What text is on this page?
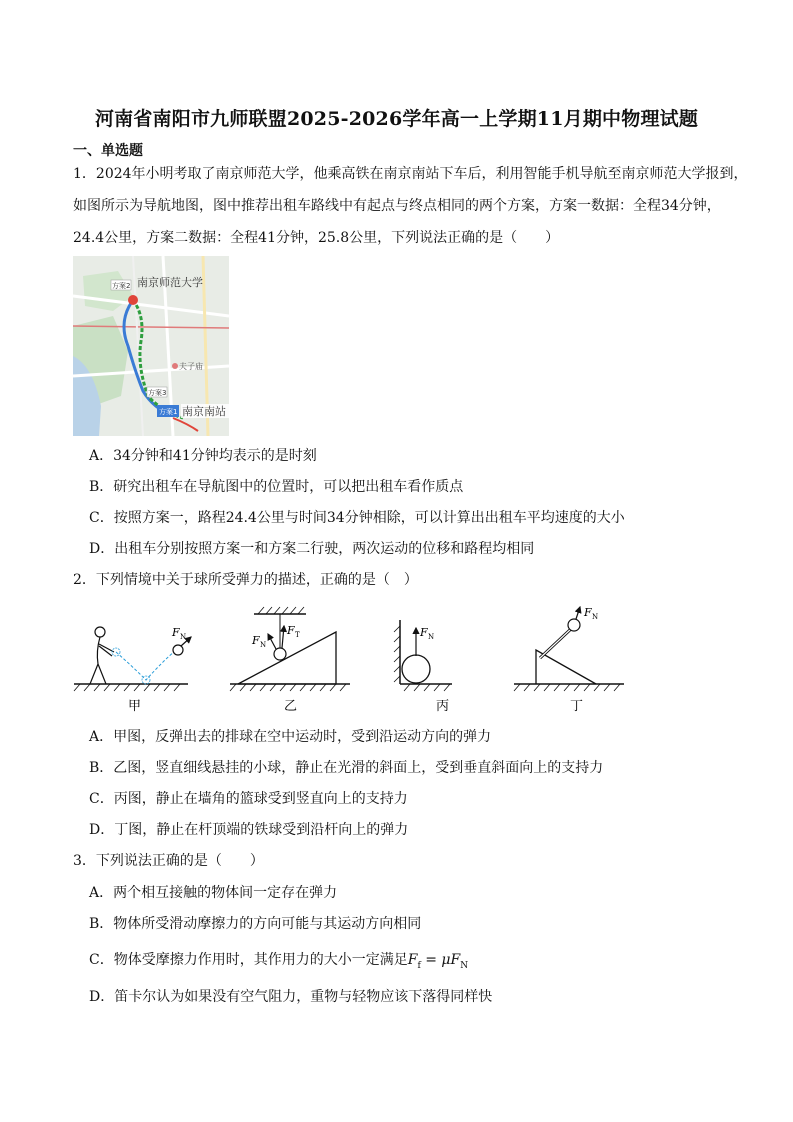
河南省南阳市九师联盟2025-2026学年高一上学期11月期中物理试题
一、单选题
1．2024年小明考取了南京师范大学，他乘高铁在南京南站下车后，利用智能手机导航至南京师范大学报到，
如图所示为导航地图，图中推荐出租车路线中有起点与终点相同的两个方案，方案一数据：全程34分钟，
24.4公里，方案二数据：全程41分钟，25.8公里，下列说法正确的是（　　）
南京师范大学
方案2
夫子庙
方案3
方案1 南京南站
A．34分钟和41分钟均表示的是时刻
B．研究出租车在导航图中的位置时，可以把出租车看作质点
C．按照方案一，路程24.4公里与时间34分钟相除，可以计算出出租车平均速度的大小
D．出租车分别按照方案一和方案二行驶，两次运动的位移和路程均相同
2．下列情境中关于球所受弹力的描述，正确的是（　）
F N
甲
F T
F N
乙
F N
丙
F N
丁
A．甲图，反弹出去的排球在空中运动时，受到沿运动方向的弹力
B．乙图，竖直细线悬挂的小球，静止在光滑的斜面上，受到垂直斜面向上的支持力
C．丙图，静止在墙角的篮球受到竖直向上的支持力
D．丁图，静止在杆顶端的铁球受到沿杆向上的弹力
3．下列说法正确的是（　　）
A．两个相互接触的物体间一定存在弹力
B．物体所受滑动摩擦力的方向可能与其运动方向相同
C．物体受摩擦力作用时，其作用力的大小一定满足$F_f = \mu F_N$
D．笛卡尔认为如果没有空气阻力，重物与轻物应该下落得同样快
